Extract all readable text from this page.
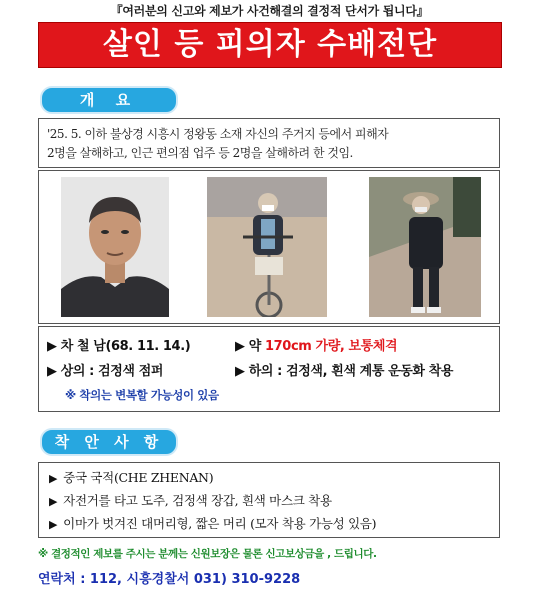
『여러분의 신고와 제보가 사건해결의 결정적 단서가 됩니다』
살인 등 피의자 수배전단
개 요
'25. 5. 이하 불상경 시흥시 정왕동 소재 자신의 주거지 등에서 피해자
2명을 살해하고, 인근 편의점 업주 등 2명을 살해하려 한 것임.
▶ 차 철 남(68. 11. 14.)	▶ 약 170cm 가량, 보통체격
▶ 상의 : 검정색 점퍼	▶ 하의 : 검정색, 흰색 계통 운동화 착용
※ 착의는 변복할 가능성이 있음
착 안 사 항
▶ 중국 국적(CHE ZHENAN)
▶ 자전거를 타고 도주, 검정색 장갑, 흰색 마스크 착용
▶ 이마가 벗겨진 대머리형, 짧은 머리 (모자 착용 가능성 있음)
※ 결정적인 제보를 주시는 분께는 신원보장은 물론 신고보상금을 , 드립니다.
연락처 : 112, 시흥경찰서 031) 310-9228
